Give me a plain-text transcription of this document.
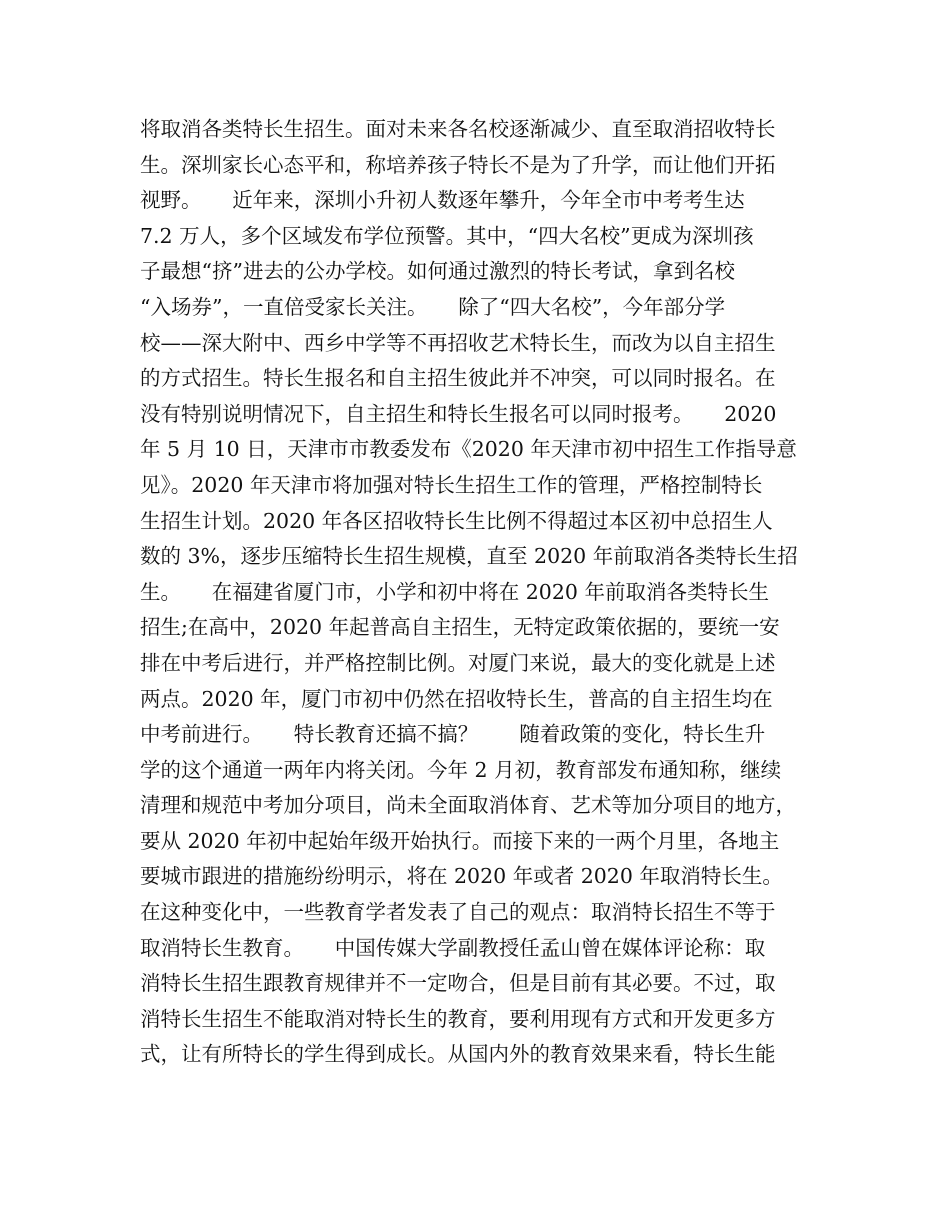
将取消各类特长生招生。面对未来各名校逐渐减少、直至取消招收特长
生。深圳家长心态平和，称培养孩子特长不是为了升学，而让他们开拓
视野。　　近年来，深圳小升初人数逐年攀升，今年全市中考考生达
7.2 万人，多个区域发布学位预警。其中，“四大名校”更成为深圳孩
子最想“挤”进去的公办学校。如何通过激烈的特长考试，拿到名校
“入场券”，一直倍受家长关注。　　除了“四大名校”，今年部分学
校——深大附中、西乡中学等不再招收艺术特长生，而改为以自主招生
的方式招生。特长生报名和自主招生彼此并不冲突，可以同时报名。在
没有特别说明情况下，自主招生和特长生报名可以同时报考。　　2020
年 5 月 10 日，天津市市教委发布《2020 年天津市初中招生工作指导意
见》。2020 年天津市将加强对特长生招生工作的管理，严格控制特长
生招生计划。2020 年各区招收特长生比例不得超过本区初中总招生人
数的 3%，逐步压缩特长生招生规模，直至 2020 年前取消各类特长生招
生。　　在福建省厦门市，小学和初中将在 2020 年前取消各类特长生
招生;在高中，2020 年起普高自主招生，无特定政策依据的，要统一安
排在中考后进行，并严格控制比例。对厦门来说，最大的变化就是上述
两点。2020 年，厦门市初中仍然在招收特长生，普高的自主招生均在
中考前进行。　　特长教育还搞不搞？　　随着政策的变化，特长生升
学的这个通道一两年内将关闭。今年 2 月初，教育部发布通知称，继续
清理和规范中考加分项目，尚未全面取消体育、艺术等加分项目的地方，
要从 2020 年初中起始年级开始执行。而接下来的一两个月里，各地主
要城市跟进的措施纷纷明示，将在 2020 年或者 2020 年取消特长生。
在这种变化中，一些教育学者发表了自己的观点：取消特长招生不等于
取消特长生教育。　　中国传媒大学副教授任孟山曾在媒体评论称：取
消特长生招生跟教育规律并不一定吻合，但是目前有其必要。不过，取
消特长生招生不能取消对特长生的教育，要利用现有方式和开发更多方
式，让有所特长的学生得到成长。从国内外的教育效果来看，特长生能
